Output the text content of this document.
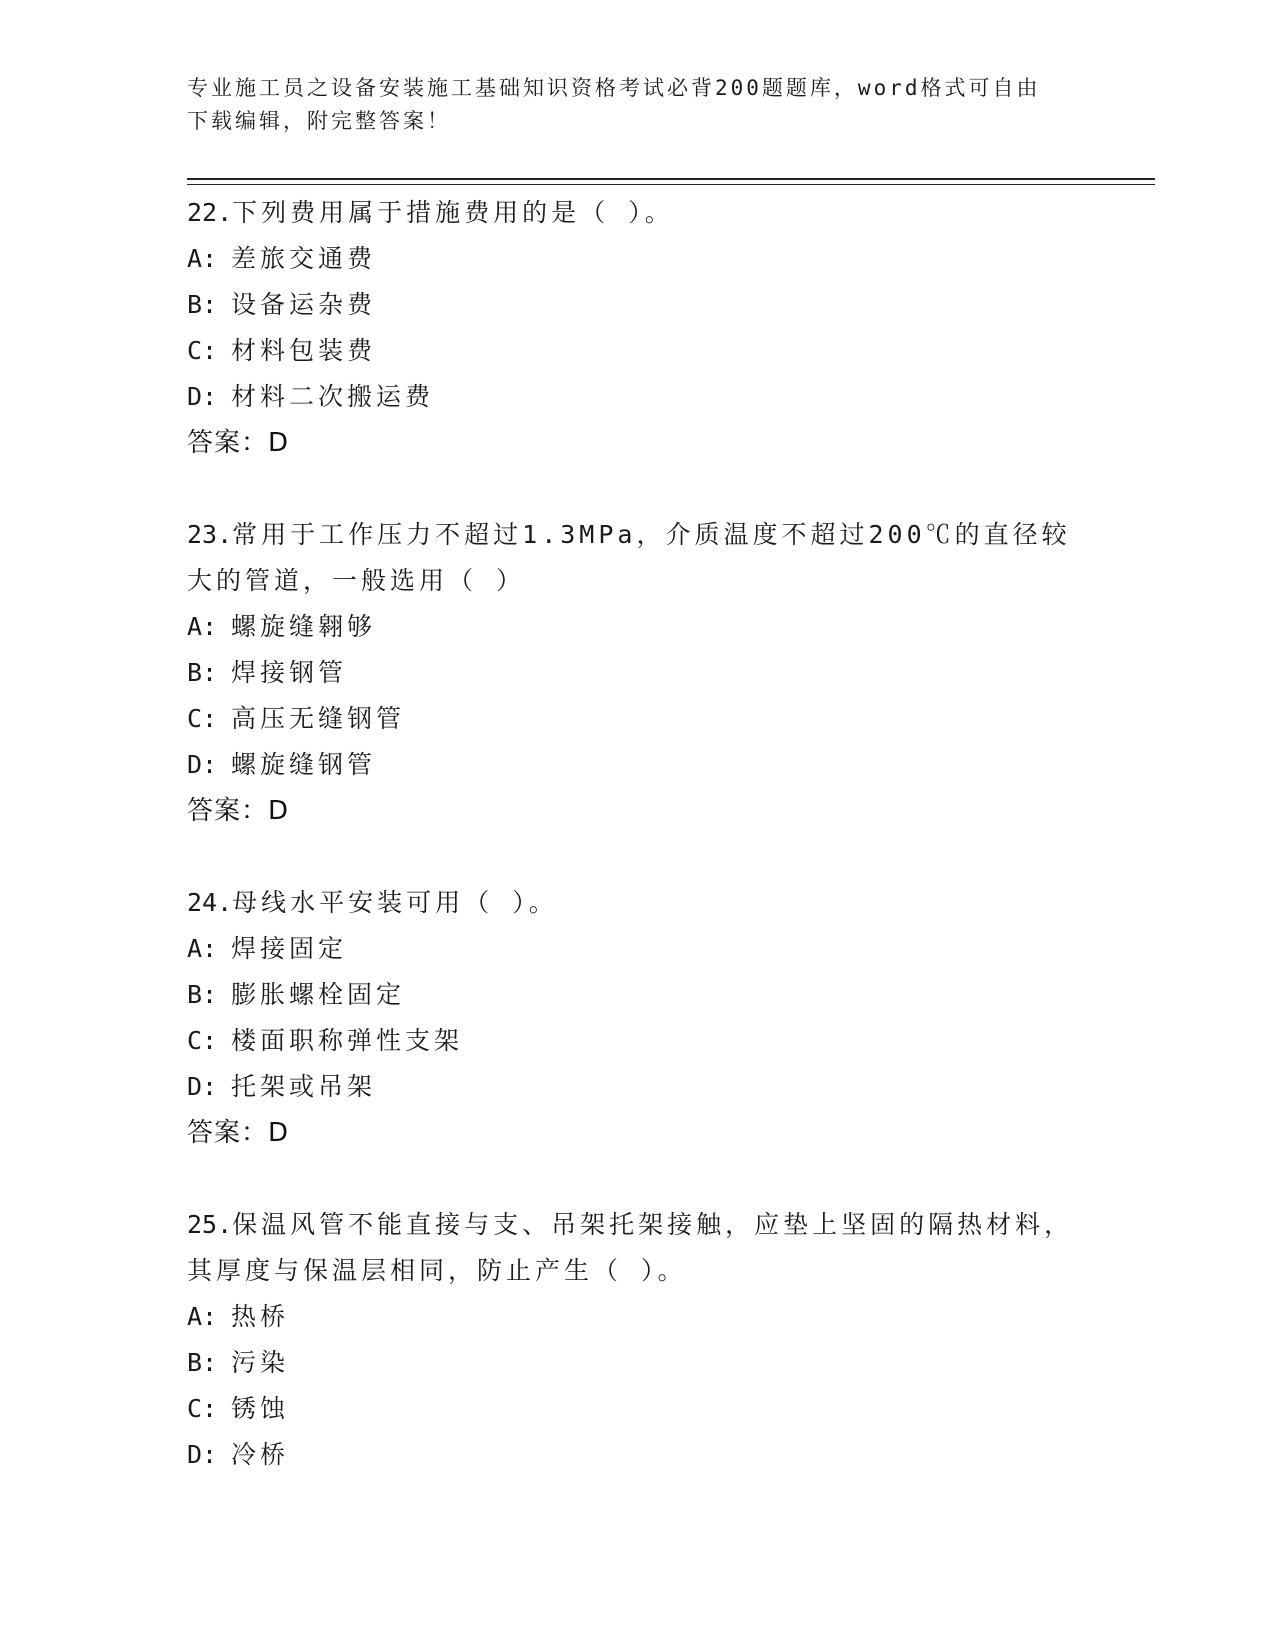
专业施工员之设备安装施工基础知识资格考试必背200题题库，word格式可自由
下载编辑，附完整答案！
22.下列费用属于措施费用的是（ ）。
A: 差旅交通费
B: 设备运杂费
C: 材料包装费
D: 材料二次搬运费
答案：D
23.常用于工作压力不超过1.3MPa，介质温度不超过200℃的直径较大的管道，一般选用（ ）
A: 螺旋缝翱够
B: 焊接钢管
C: 高压无缝钢管
D: 螺旋缝钢管
答案：D
24.母线水平安装可用（ ）。
A: 焊接固定
B: 膨胀螺栓固定
C: 楼面职称弹性支架
D: 托架或吊架
答案：D
25.保温风管不能直接与支、吊架托架接触，应垫上坚固的隔热材料，其厚度与保温层相同，防止产生（ ）。
A: 热桥
B: 污染
C: 锈蚀
D: 冷桥
